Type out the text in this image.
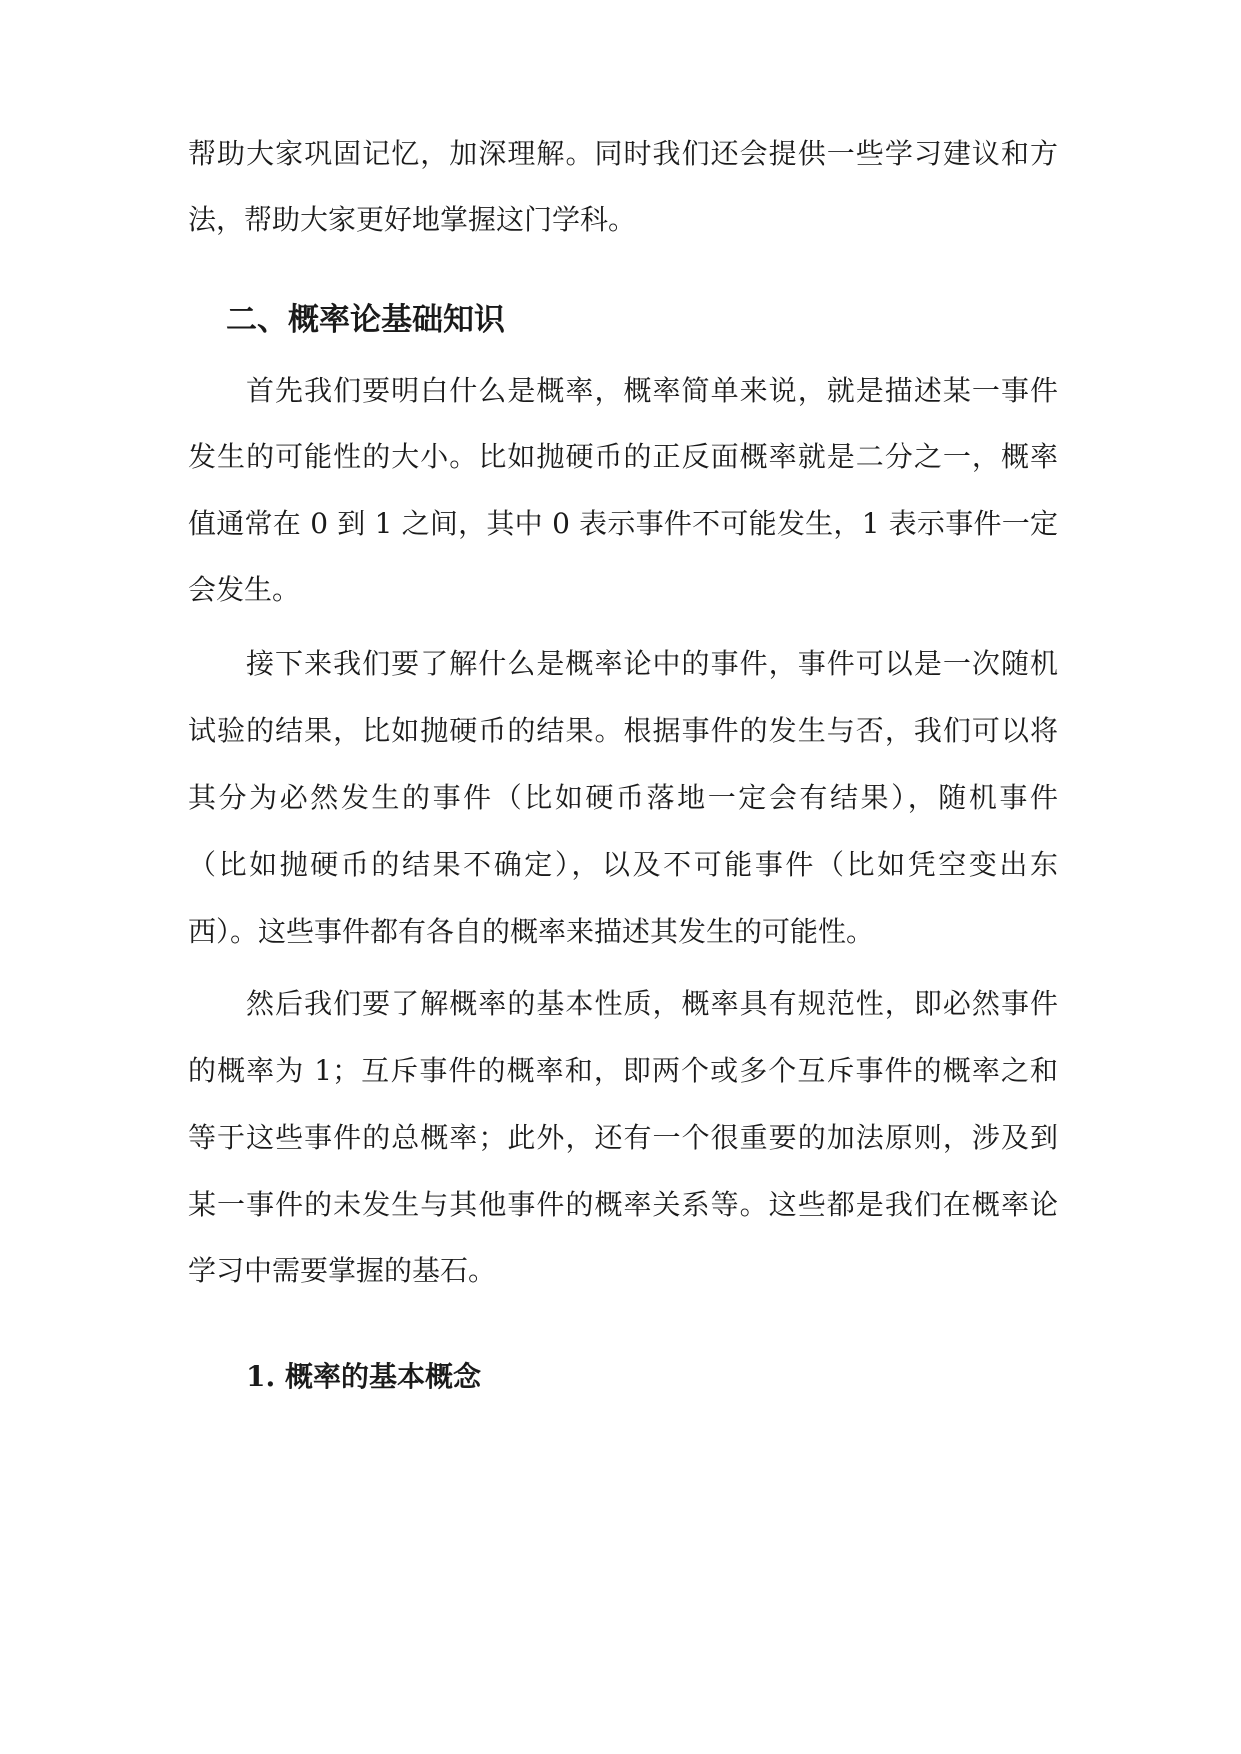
帮助大家巩固记忆，加深理解。同时我们还会提供一些学习建议和方
法，帮助大家更好地掌握这门学科。
二、概率论基础知识
首先我们要明白什么是概率，概率简单来说，就是描述某一事件
发生的可能性的大小。比如抛硬币的正反面概率就是二分之一，概率
值通常在 0 到 1 之间，其中 0 表示事件不可能发生，1 表示事件一定
会发生。
接下来我们要了解什么是概率论中的事件，事件可以是一次随机
试验的结果，比如抛硬币的结果。根据事件的发生与否，我们可以将
其分为必然发生的事件（比如硬币落地一定会有结果），随机事件
（比如抛硬币的结果不确定），以及不可能事件（比如凭空变出东
西）。这些事件都有各自的概率来描述其发生的可能性。
然后我们要了解概率的基本性质，概率具有规范性，即必然事件
的概率为 1；互斥事件的概率和，即两个或多个互斥事件的概率之和
等于这些事件的总概率；此外，还有一个很重要的加法原则，涉及到
某一事件的未发生与其他事件的概率关系等。这些都是我们在概率论
学习中需要掌握的基石。
1. 概率的基本概念
